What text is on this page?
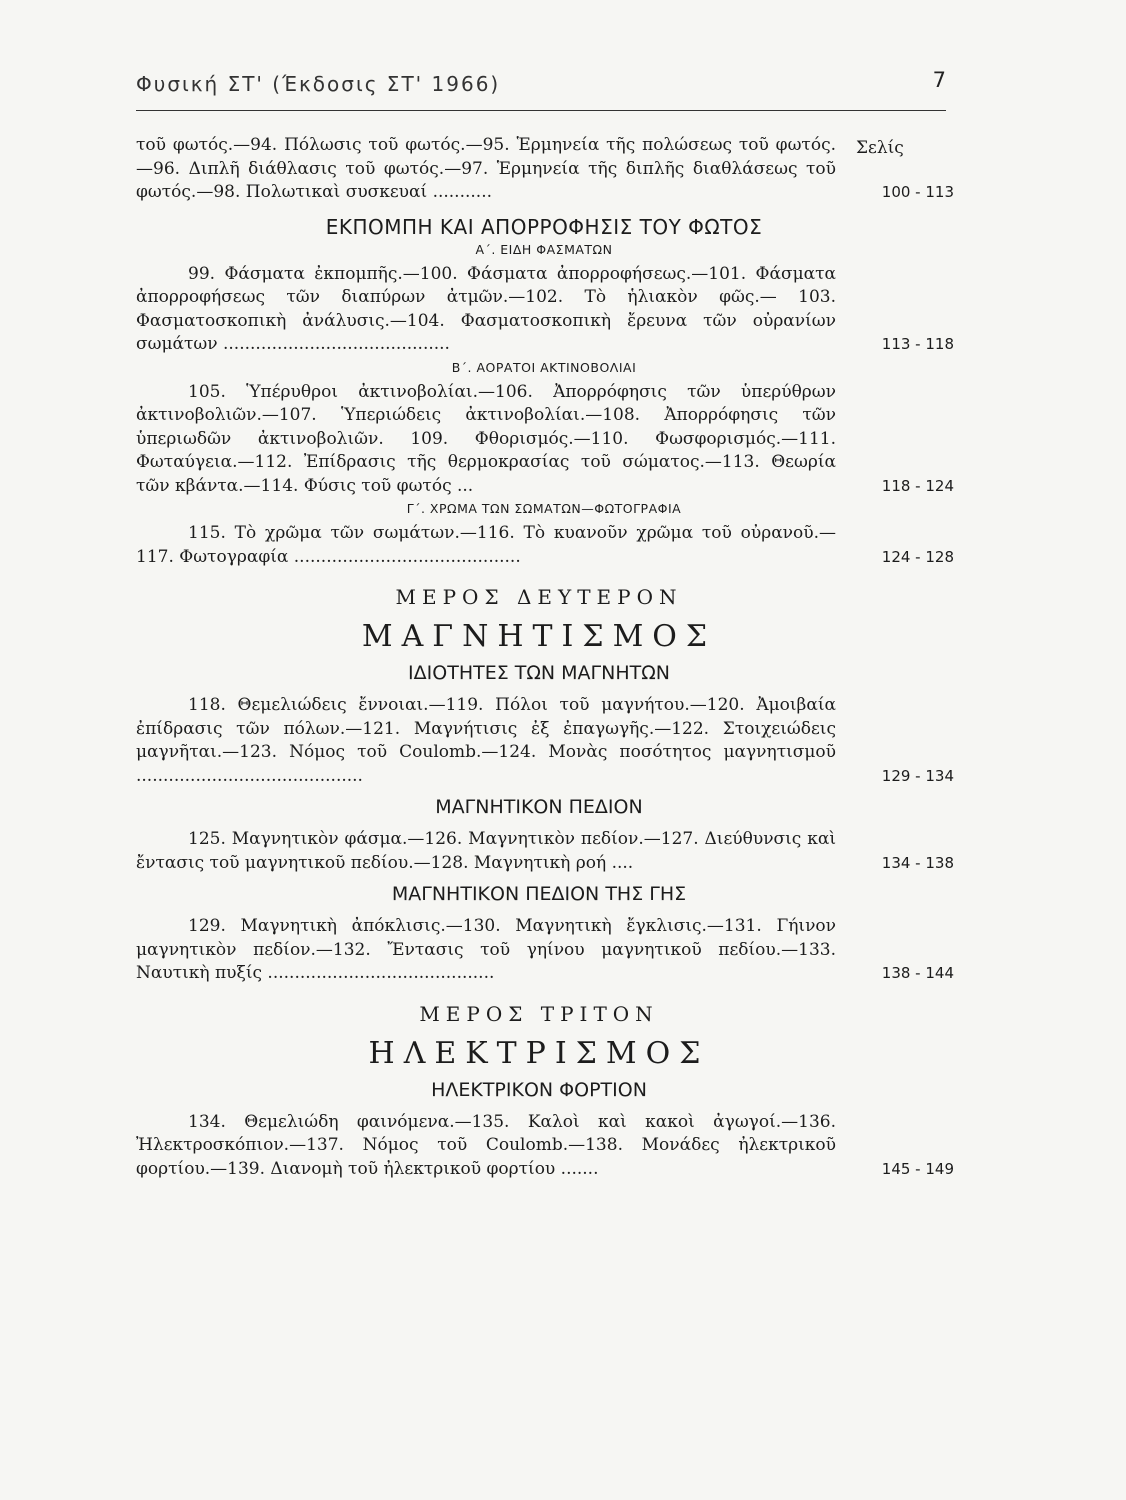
Φυσική ΣΤ' (Έκδοσις ΣΤ' 1966)	7
Σελίς
τοῦ φωτός.—94. Πόλωσις τοῦ φωτός.—95. Ἑρμηνεία τῆς πολώσεως τοῦ φωτός.—96. Διπλῆ διάθλασις τοῦ φωτός.—97. Ἑρμηνεία τῆς διπλῆς διαθλάσεως τοῦ φωτός.—98. Πολωτικαὶ συσκευαί ...........	100 - 113
ΕΚΠΟΜΠΗ ΚΑΙ ΑΠΟΡΡΟΦΗΣΙΣ ΤΟΥ ΦΩΤΟΣ
Α΄. ΕΙΔΗ ΦΑΣΜΑΤΩΝ
99. Φάσματα ἐκπομπῆς.—100. Φάσματα ἀπορροφήσεως.—101. Φάσματα ἀπορροφήσεως τῶν διαπύρων ἀτμῶν.—102. Τὸ ἡλιακὸν φῶς.— 103. Φασματοσκοπικὴ ἀνάλυσις.—104. Φασματοσκοπικὴ ἔρευνα τῶν οὐρανίων σωμάτων ..........................................	113 - 118
Β΄. ΑΟΡΑΤΟΙ ΑΚΤΙΝΟΒΟΛΙΑΙ
105. Ὑπέρυθροι ἀκτινοβολίαι.—106. Ἀπορρόφησις τῶν ὑπερύθρων ἀκτινοβολιῶν.—107. Ὑπεριώδεις ἀκτινοβολίαι.—108. Ἀπορρόφησις τῶν ὑπεριωδῶν ἀκτινοβολιῶν. 109. Φθορισμός.—110. Φωσφορισμός.—111. Φωταύγεια.—112. Ἐπίδρασις τῆς θερμοκρασίας τοῦ σώματος.—113. Θεωρία τῶν κβάντα.—114. Φύσις τοῦ φωτός ...	118 - 124
Γ΄. ΧΡΩΜΑ ΤΩΝ ΣΩΜΑΤΩΝ—ΦΩΤΟΓΡΑΦΙΑ
115. Τὸ χρῶμα τῶν σωμάτων.—116. Τὸ κυανοῦν χρῶμα τοῦ οὐρανοῦ.—117. Φωτογραφία ..........................................	124 - 128
ΜΕΡΟΣ ΔΕΥΤΕΡΟΝ
ΜΑΓΝΗΤΙΣΜΟΣ
ΙΔΙΟΤΗΤΕΣ ΤΩΝ ΜΑΓΝΗΤΩΝ
118. Θεμελιώδεις ἔννοιαι.—119. Πόλοι τοῦ μαγνήτου.—120. Ἀμοιβαία ἐπίδρασις τῶν πόλων.—121. Μαγνήτισις ἐξ ἐπαγωγῆς.—122. Στοιχειώδεις μαγνῆται.—123. Νόμος τοῦ Coulomb.—124. Μονὰς ποσότητος μαγνητισμοῦ ..........................................	129 - 134
ΜΑΓΝΗΤΙΚΟΝ ΠΕΔΙΟΝ
125. Μαγνητικὸν φάσμα.—126. Μαγνητικὸν πεδίον.—127. Διεύθυνσις καὶ ἔντασις τοῦ μαγνητικοῦ πεδίου.—128. Μαγνητικὴ ροή ....	134 - 138
ΜΑΓΝΗΤΙΚΟΝ ΠΕΔΙΟΝ ΤΗΣ ΓΗΣ
129. Μαγνητικὴ ἀπόκλισις.—130. Μαγνητικὴ ἔγκλισις.—131. Γήινον μαγνητικὸν πεδίον.—132. Ἔντασις τοῦ γηίνου μαγνητικοῦ πεδίου.—133. Ναυτικὴ πυξίς ..........................................	138 - 144
ΜΕΡΟΣ ΤΡΙΤΟΝ
ΗΛΕΚΤΡΙΣΜΟΣ
ΗΛΕΚΤΡΙΚΟΝ ΦΟΡΤΙΟΝ
134. Θεμελιώδη φαινόμενα.—135. Καλοὶ καὶ κακοὶ ἀγωγοί.—136. Ἠλεκτροσκόπιον.—137. Νόμος τοῦ Coulomb.—138. Μονάδες ἠλεκτρικοῦ φορτίου.—139. Διανομὴ τοῦ ἠλεκτρικοῦ φορτίου .......	145 - 149
